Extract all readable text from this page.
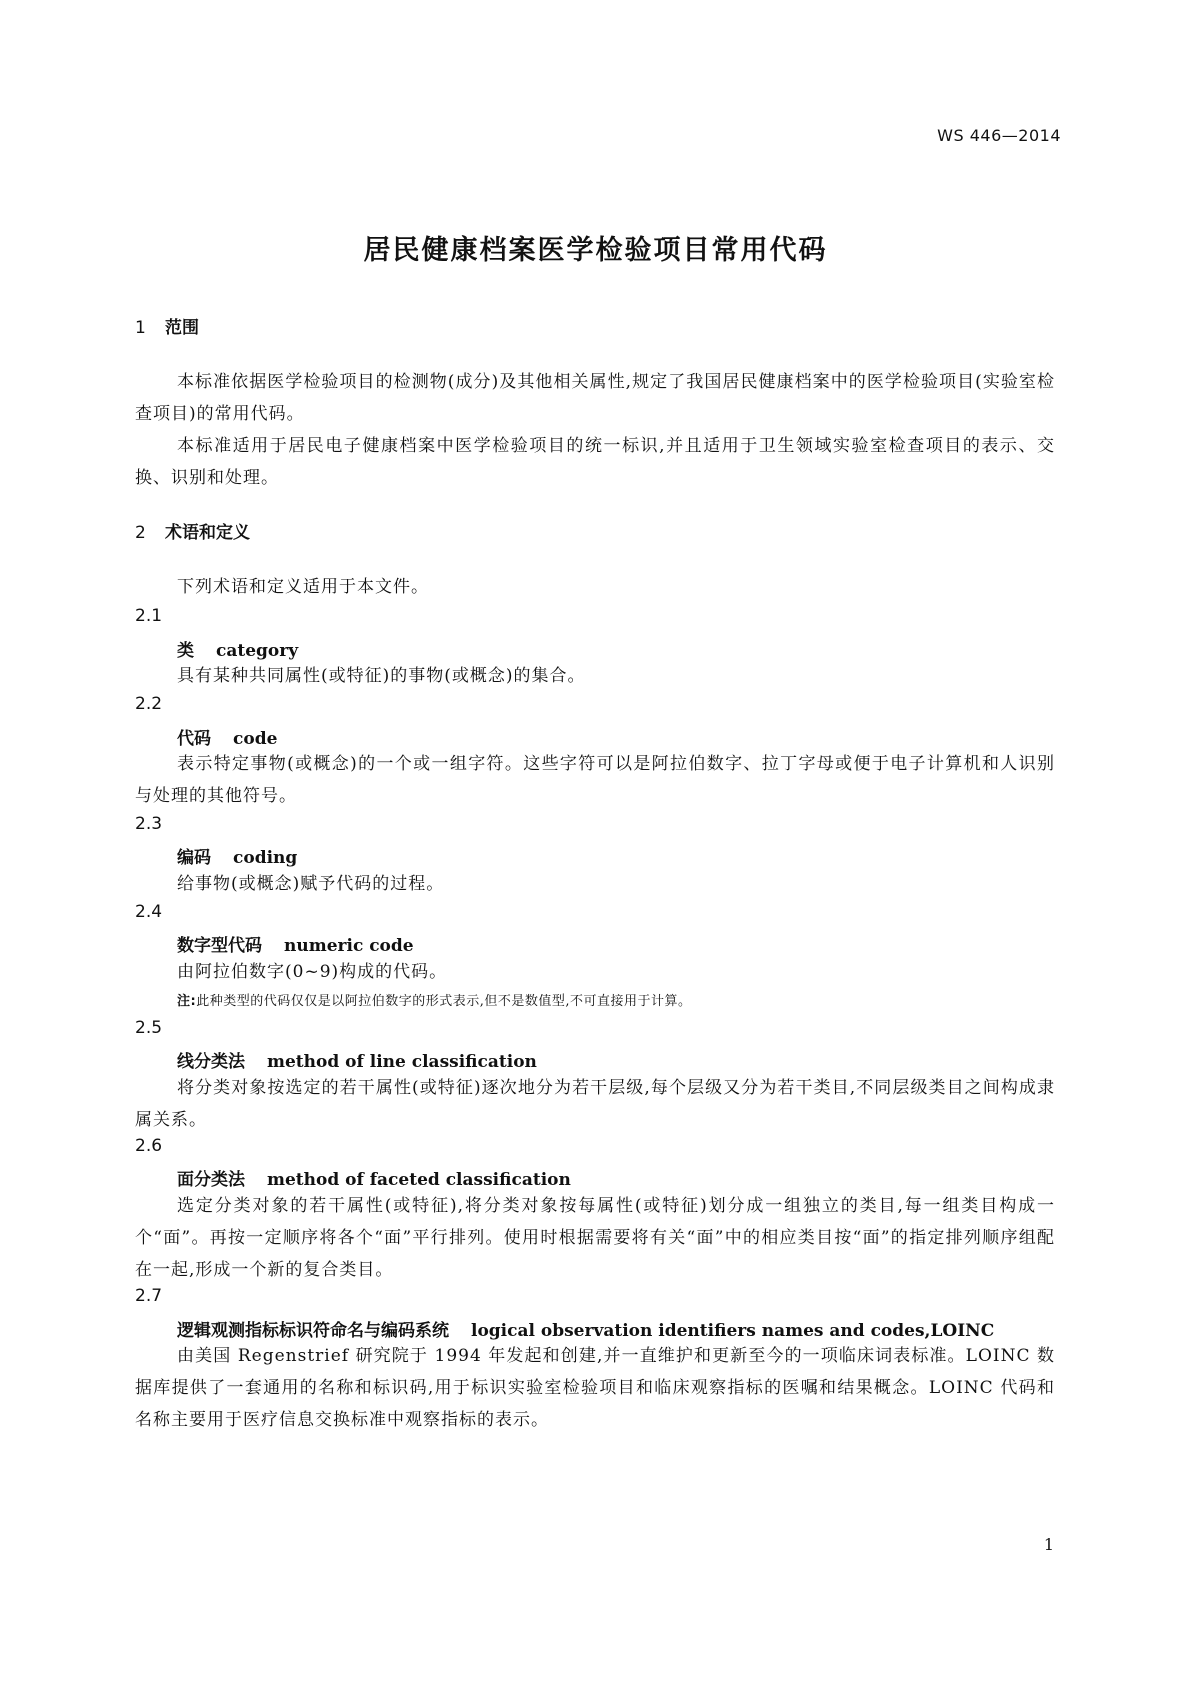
WS 446—2014
居民健康档案医学检验项目常用代码
1 范围
本标准依据医学检验项目的检测物(成分)及其他相关属性,规定了我国居民健康档案中的医学检验项目(实验室检查项目)的常用代码。
本标准适用于居民电子健康档案中医学检验项目的统一标识,并且适用于卫生领域实验室检查项目的表示、交换、识别和处理。
2 术语和定义
下列术语和定义适用于本文件。
2.1
类 category
具有某种共同属性(或特征)的事物(或概念)的集合。
2.2
代码 code
表示特定事物(或概念)的一个或一组字符。这些字符可以是阿拉伯数字、拉丁字母或便于电子计算机和人识别与处理的其他符号。
2.3
编码 coding
给事物(或概念)赋予代码的过程。
2.4
数字型代码 numeric code
由阿拉伯数字(0~9)构成的代码。
注:此种类型的代码仅仅是以阿拉伯数字的形式表示,但不是数值型,不可直接用于计算。
2.5
线分类法 method of line classification
将分类对象按选定的若干属性(或特征)逐次地分为若干层级,每个层级又分为若干类目,不同层级类目之间构成隶属关系。
2.6
面分类法 method of faceted classification
选定分类对象的若干属性(或特征),将分类对象按每属性(或特征)划分成一组独立的类目,每一组类目构成一个“面”。再按一定顺序将各个“面”平行排列。使用时根据需要将有关“面”中的相应类目按“面”的指定排列顺序组配在一起,形成一个新的复合类目。
2.7
逻辑观测指标标识符命名与编码系统 logical observation identifiers names and codes,LOINC
由美国 Regenstrief 研究院于 1994 年发起和创建,并一直维护和更新至今的一项临床词表标准。LOINC 数据库提供了一套通用的名称和标识码,用于标识实验室检验项目和临床观察指标的医嘱和结果概念。LOINC 代码和名称主要用于医疗信息交换标准中观察指标的表示。
1
